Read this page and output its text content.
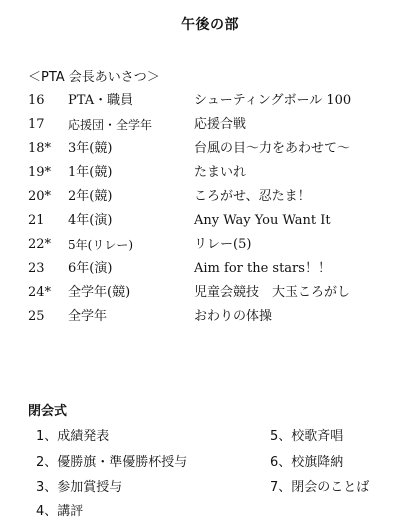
午後の部
＜PTA 会長あいさつ＞
16 PTA・職員	シューティングボール 100
17 応援団・全学年	応援合戦
18* 3年(競)	台風の目～力をあわせて～
19* 1年(競)	たまいれ
20* 2年(競)	ころがせ、忍たま！
21 4年(演)	Any Way You Want It
22* 5年(リレー)	リレー(5)
23 6年(演)	Aim for the stars！！
24* 全学年(競)	児童会競技　大玉ころがし
25 全学年	おわりの体操
閉会式
1、成績発表
2、優勝旗・準優勝杯授与
3、参加賞授与
4、講評
5、校歌斉唱
6、校旗降納
7、閉会のことば
